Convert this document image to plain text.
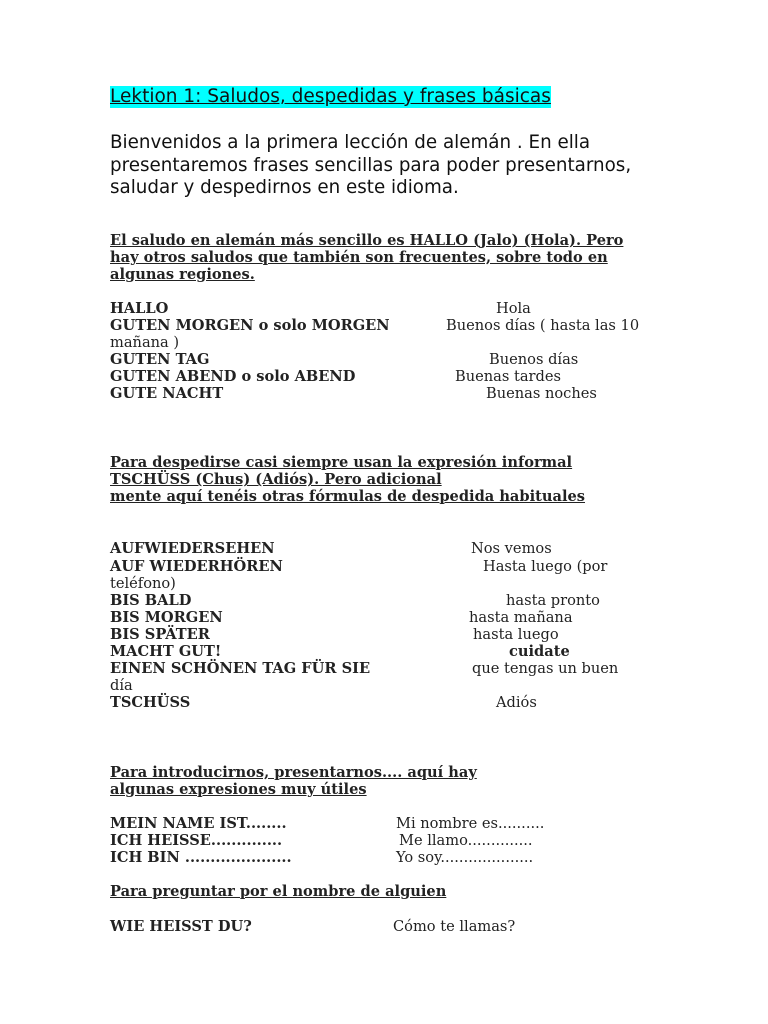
Lektion 1: Saludos, despedidas y frases básicas
Bienvenidos a la primera lección de alemán . En ella
presentaremos frases sencillas para poder presentarnos,
saludar y despedirnos en este idioma.
El saludo en alemán más sencillo es HALLO (Jalo) (Hola). Pero
hay otros saludos que también son frecuentes, sobre todo en
algunas regiones.
HALLO	Hola
GUTEN MORGEN o solo MORGEN	Buenos días ( hasta las 10
mañana )
GUTEN TAG	Buenos días
GUTEN ABEND o solo ABEND	Buenas tardes
GUTE NACHT	Buenas noches
Para despedirse casi siempre usan la expresión informal
TSCHÜSS (Chus) (Adiós). Pero adicional
mente aquí tenéis otras fórmulas de despedida habituales
AUFWIEDERSEHEN	Nos vemos
AUF WIEDERHÖREN	Hasta luego (por
teléfono)
BIS BALD	hasta pronto
BIS MORGEN	hasta mañana
BIS SPÄTER	hasta luego
MACHT GUT!	cuidate
EINEN SCHÖNEN TAG FÜR SIE	que tengas un buen
día
TSCHÜSS	Adiós
Para introducirnos, presentarnos.... aquí hay
algunas expresiones muy útiles
MEIN NAME IST........	Mi nombre es..........
ICH HEISSE..............	Me llamo..............
ICH BIN .....................	Yo soy....................
Para preguntar por el nombre de alguien
WIE HEISST DU?	Cómo te llamas?
